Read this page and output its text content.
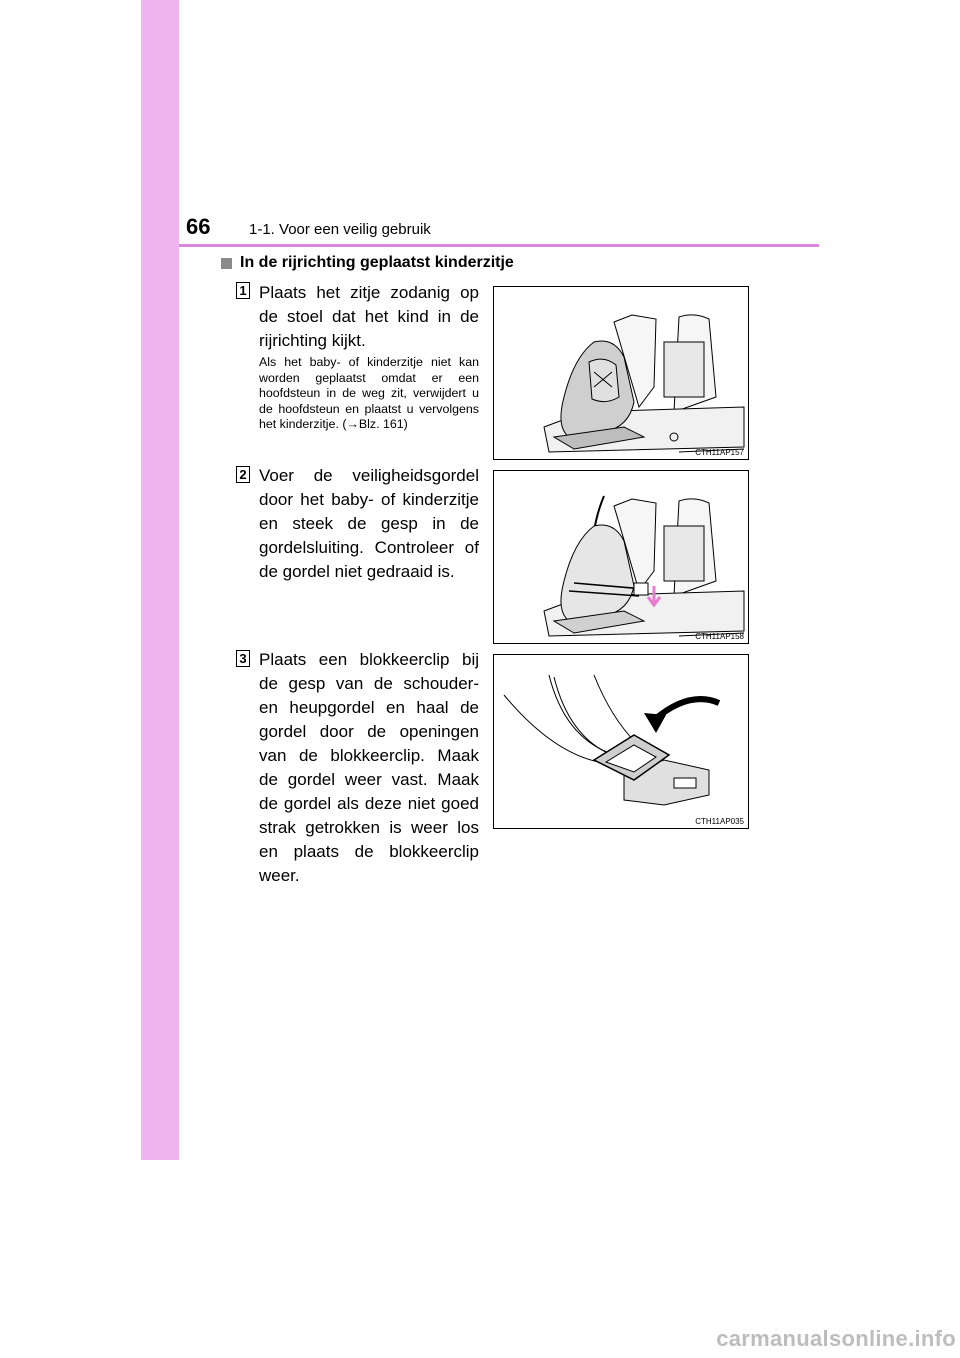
66	1-1. Voor een veilig gebruik
In de rijrichting geplaatst kinderzitje
1 Plaats het zitje zodanig op de stoel dat het kind in de rijrichting kijkt.
Als het baby- of kinderzitje niet kan worden geplaatst omdat er een hoofdsteun in de weg zit, verwijdert u de hoofdsteun en plaatst u vervolgens het kinderzitje. (→Blz. 161)
CTH11AP157
2 Voer de veiligheidsgordel door het baby- of kinderzitje en steek de gesp in de gordelsluiting. Controleer of de gordel niet gedraaid is.
CTH11AP158
3 Plaats een blokkeerclip bij de gesp van de schouder- en heupgordel en haal de gordel door de openingen van de blokkeerclip. Maak de gordel weer vast. Maak de gordel als deze niet goed strak getrokken is weer los en plaats de blokkeerclip weer.
CTH11AP035
carmanualsonline.info
